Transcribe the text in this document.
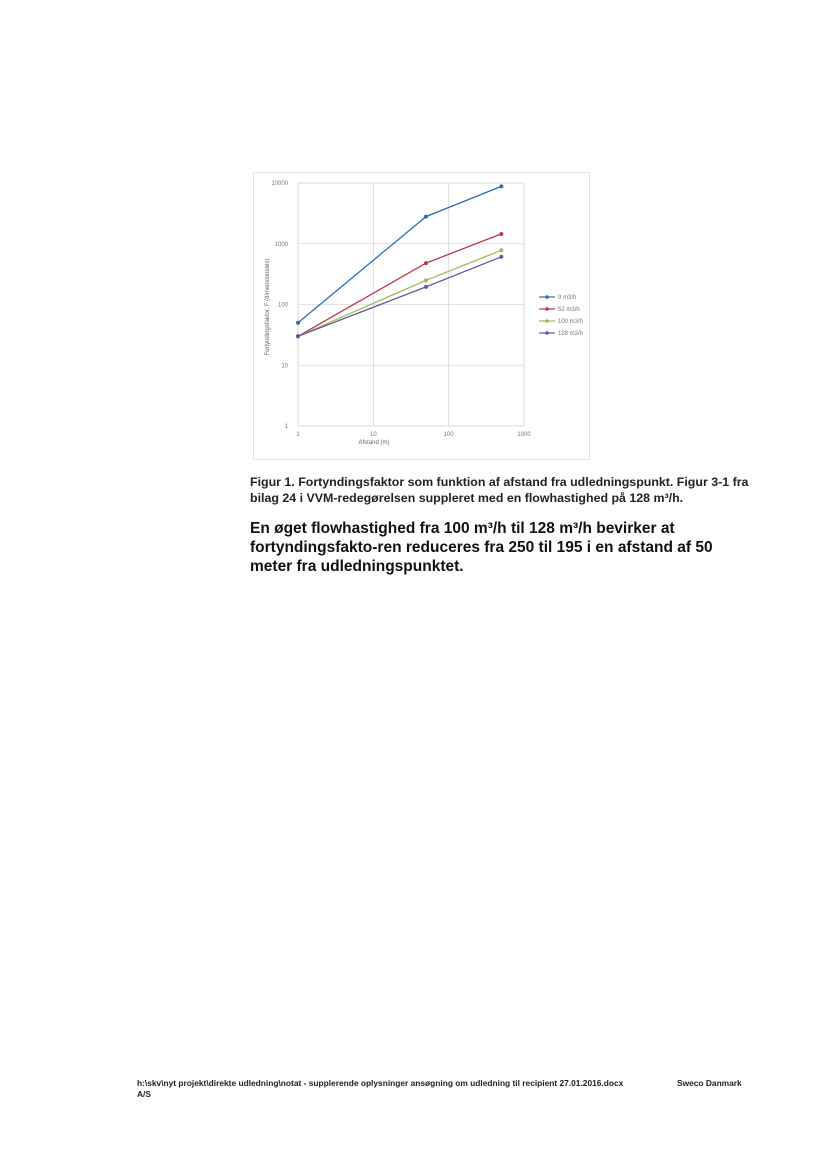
1
10
100
1000
10000
1	10	100	1000
Afstand (m)
Fortyndingsfaktor, F (dimensionsløs)	9 m3/h
52 m3/h
100 m3/h
128 m3/h

Figur 1. Fortyndingsfaktor som funktion af afstand fra udledningspunkt. Figur 3-1 fra bilag 24 i VVM-redegørelsen suppleret med en flowhastighed på 128 m³/h.

En øget flowhastighed fra 100 m³/h til 128 m³/h bevirker at fortyndingsfakto-ren reduceres fra 250 til 195 i en afstand af 50 meter fra udledningspunktet.

h:\skv\nyt projekt\direkte udledning\notat - supplerende oplysninger ansøgning om udledning til recipient 27.01.2016.docx	Sweco Danmark

A/S
